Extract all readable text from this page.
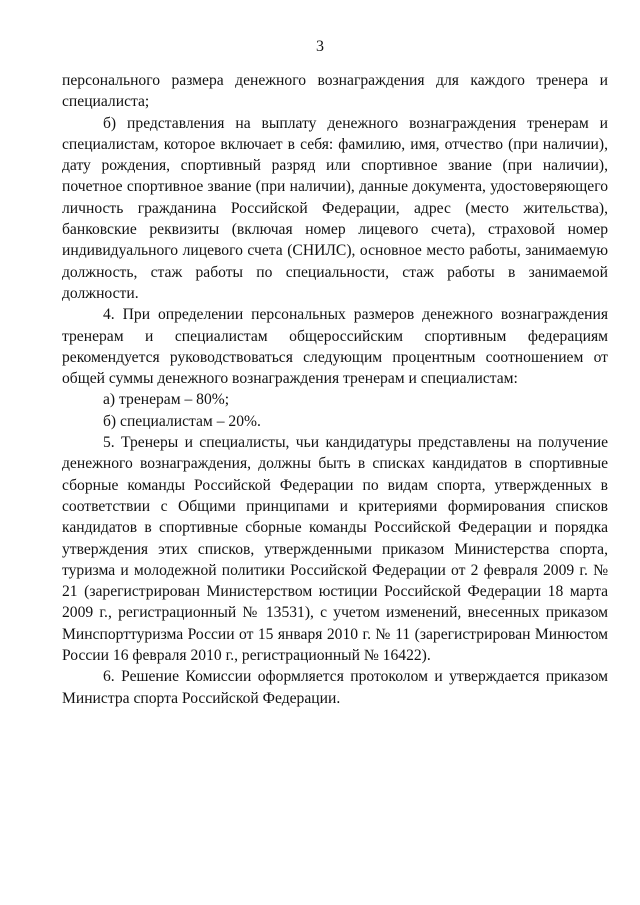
3

персонального размера денежного вознаграждения для каждого тренера и специалиста;

б) представления на выплату денежного вознаграждения тренерам и специалистам, которое включает в себя: фамилию, имя, отчество (при наличии), дату рождения, спортивный разряд или спортивное звание (при наличии), почетное спортивное звание (при наличии), данные документа, удостоверяющего личность гражданина Российской Федерации, адрес (место жительства), банковские реквизиты (включая номер лицевого счета), страховой номер индивидуального лицевого счета (СНИЛС), основное место работы, занимаемую должность, стаж работы по специальности, стаж работы в занимаемой должности.

4. При определении персональных размеров денежного вознаграждения тренерам и специалистам общероссийским спортивным федерациям рекомендуется руководствоваться следующим процентным соотношением от общей суммы денежного вознаграждения тренерам и специалистам:

а) тренерам – 80%;

б) специалистам – 20%.

5. Тренеры и специалисты, чьи кандидатуры представлены на получение денежного вознаграждения, должны быть в списках кандидатов в спортивные сборные команды Российской Федерации по видам спорта, утвержденных в соответствии с Общими принципами и критериями формирования списков кандидатов в спортивные сборные команды Российской Федерации и порядка утверждения этих списков, утвержденными приказом Министерства спорта, туризма и молодежной политики Российской Федерации от 2 февраля 2009 г. № 21 (зарегистрирован Министерством юстиции Российской Федерации 18 марта 2009 г., регистрационный № 13531), с учетом изменений, внесенных приказом Минспорттуризма России от 15 января 2010 г. № 11 (зарегистрирован Минюстом России 16 февраля 2010 г., регистрационный № 16422).

6. Решение Комиссии оформляется протоколом и утверждается приказом Министра спорта Российской Федерации.
